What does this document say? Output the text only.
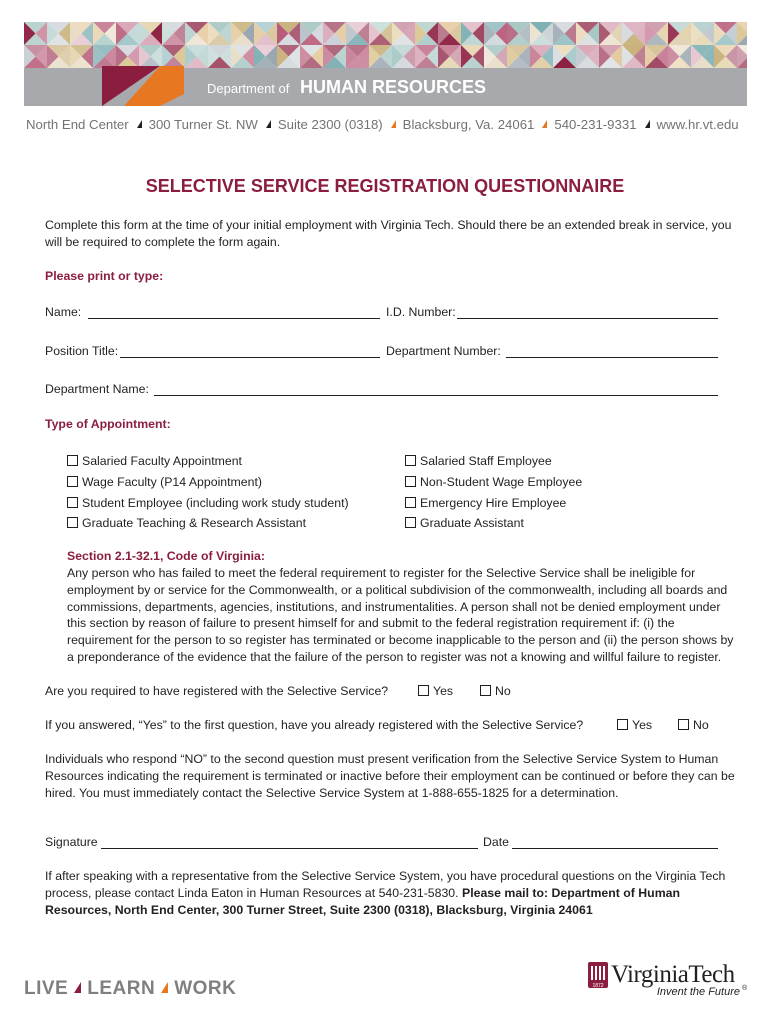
Department of HUMAN RESOURCES
North End Center 300 Turner St. NW Suite 2300 (0318) Blacksburg, Va. 24061 540-231-9331 www.hr.vt.edu
SELECTIVE SERVICE REGISTRATION QUESTIONNAIRE
Complete this form at the time of your initial employment with Virginia Tech. Should there be an extended break in service, you will be required to complete the form again.
Please print or type:
Name:	I.D. Number:
Position Title:	Department Number:
Department Name:
Type of Appointment:
Salaried Faculty Appointment
Wage Faculty (P14 Appointment)
Student Employee (including work study student)
Graduate Teaching & Research Assistant
Salaried Staff Employee
Non-Student Wage Employee
Emergency Hire Employee
Graduate Assistant
Section 2.1-32.1, Code of Virginia:
Any person who has failed to meet the federal requirement to register for the Selective Service shall be ineligible for employment by or service for the Commonwealth, or a political subdivision of the commonwealth, including all boards and commissions, departments, agencies, institutions, and instrumentalities. A person shall not be denied employment under this section by reason of failure to present himself for and submit to the federal registration requirement if: (i) the requirement for the person to so register has terminated or become inapplicable to the person and (ii) the person shows by a preponderance of the evidence that the failure of the person to register was not a knowing and willful failure to register.
Are you required to have registered with the Selective Service?	Yes	No
If you answered, “Yes” to the first question, have you already registered with the Selective Service?	Yes	No
Individuals who respond “NO” to the second question must present verification from the Selective Service System to Human Resources indicating the requirement is terminated or inactive before their employment can be continued or before they can be hired. You must immediately contact the Selective Service System at 1-888-655-1825 for a determination.
Signature	Date
If after speaking with a representative from the Selective Service System, you have procedural questions on the Virginia Tech process, please contact Linda Eaton in Human Resources at 540-231-5830. Please mail to: Department of Human Resources, North End Center, 300 Turner Street, Suite 2300 (0318), Blacksburg, Virginia 24061
LIVE LEARN WORK	1872 VirginiaTech
Invent the Future ®
